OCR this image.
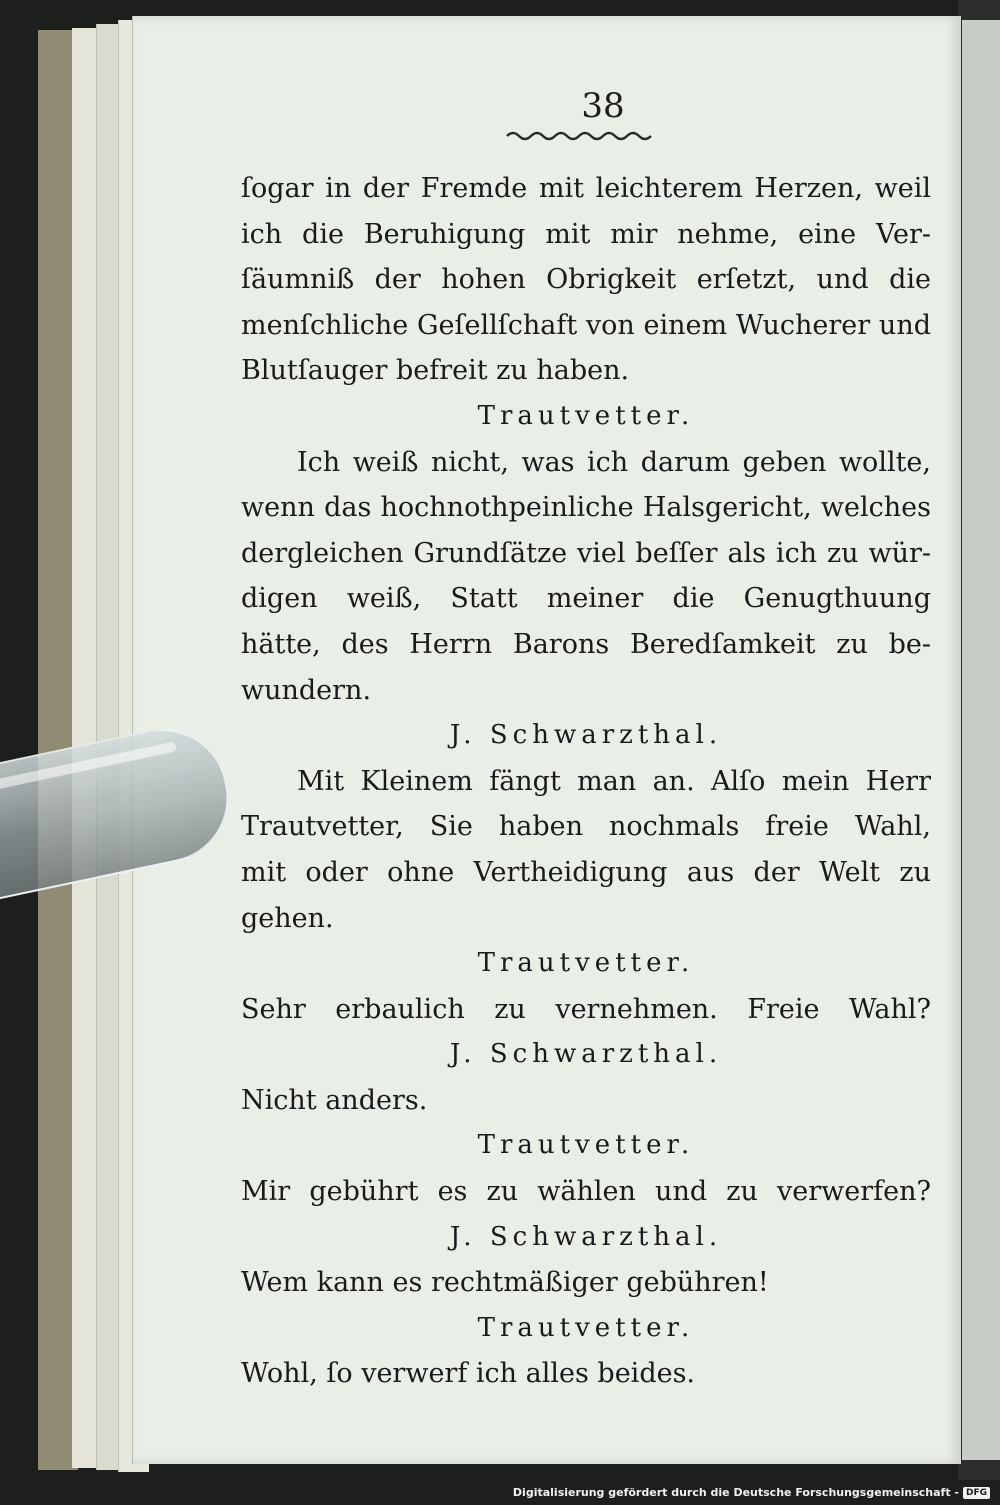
38
ſogar in der Fremde mit leichterem Herzen, weil
ich die Beruhigung mit mir nehme, eine Ver-
ſäumniß der hohen Obrigkeit erſetzt, und die
menſchliche Geſellſchaft von einem Wucherer und
Blutſauger befreit zu haben.
Trautvetter.
Ich weiß nicht, was ich darum geben wollte,
wenn das hochnothpeinliche Halsgericht, welches
dergleichen Grundſätze viel beſſer als ich zu wür-
digen weiß, Statt meiner die Genugthuung
hätte, des Herrn Barons Beredſamkeit zu be-
wundern.
J. Schwarzthal.
Mit Kleinem fängt man an. Alſo mein Herr
Trautvetter, Sie haben nochmals freie Wahl,
mit oder ohne Vertheidigung aus der Welt zu
gehen.
Trautvetter.
Sehr erbaulich zu vernehmen. Freie Wahl?
J. Schwarzthal.
Nicht anders.
Trautvetter.
Mir gebührt es zu wählen und zu verwerfen?
J. Schwarzthal.
Wem kann es rechtmäßiger gebühren!
Trautvetter.
Wohl, ſo verwerf ich alles beides.
Digitalisierung gefördert durch die Deutsche Forschungsgemeinschaft - DFG
